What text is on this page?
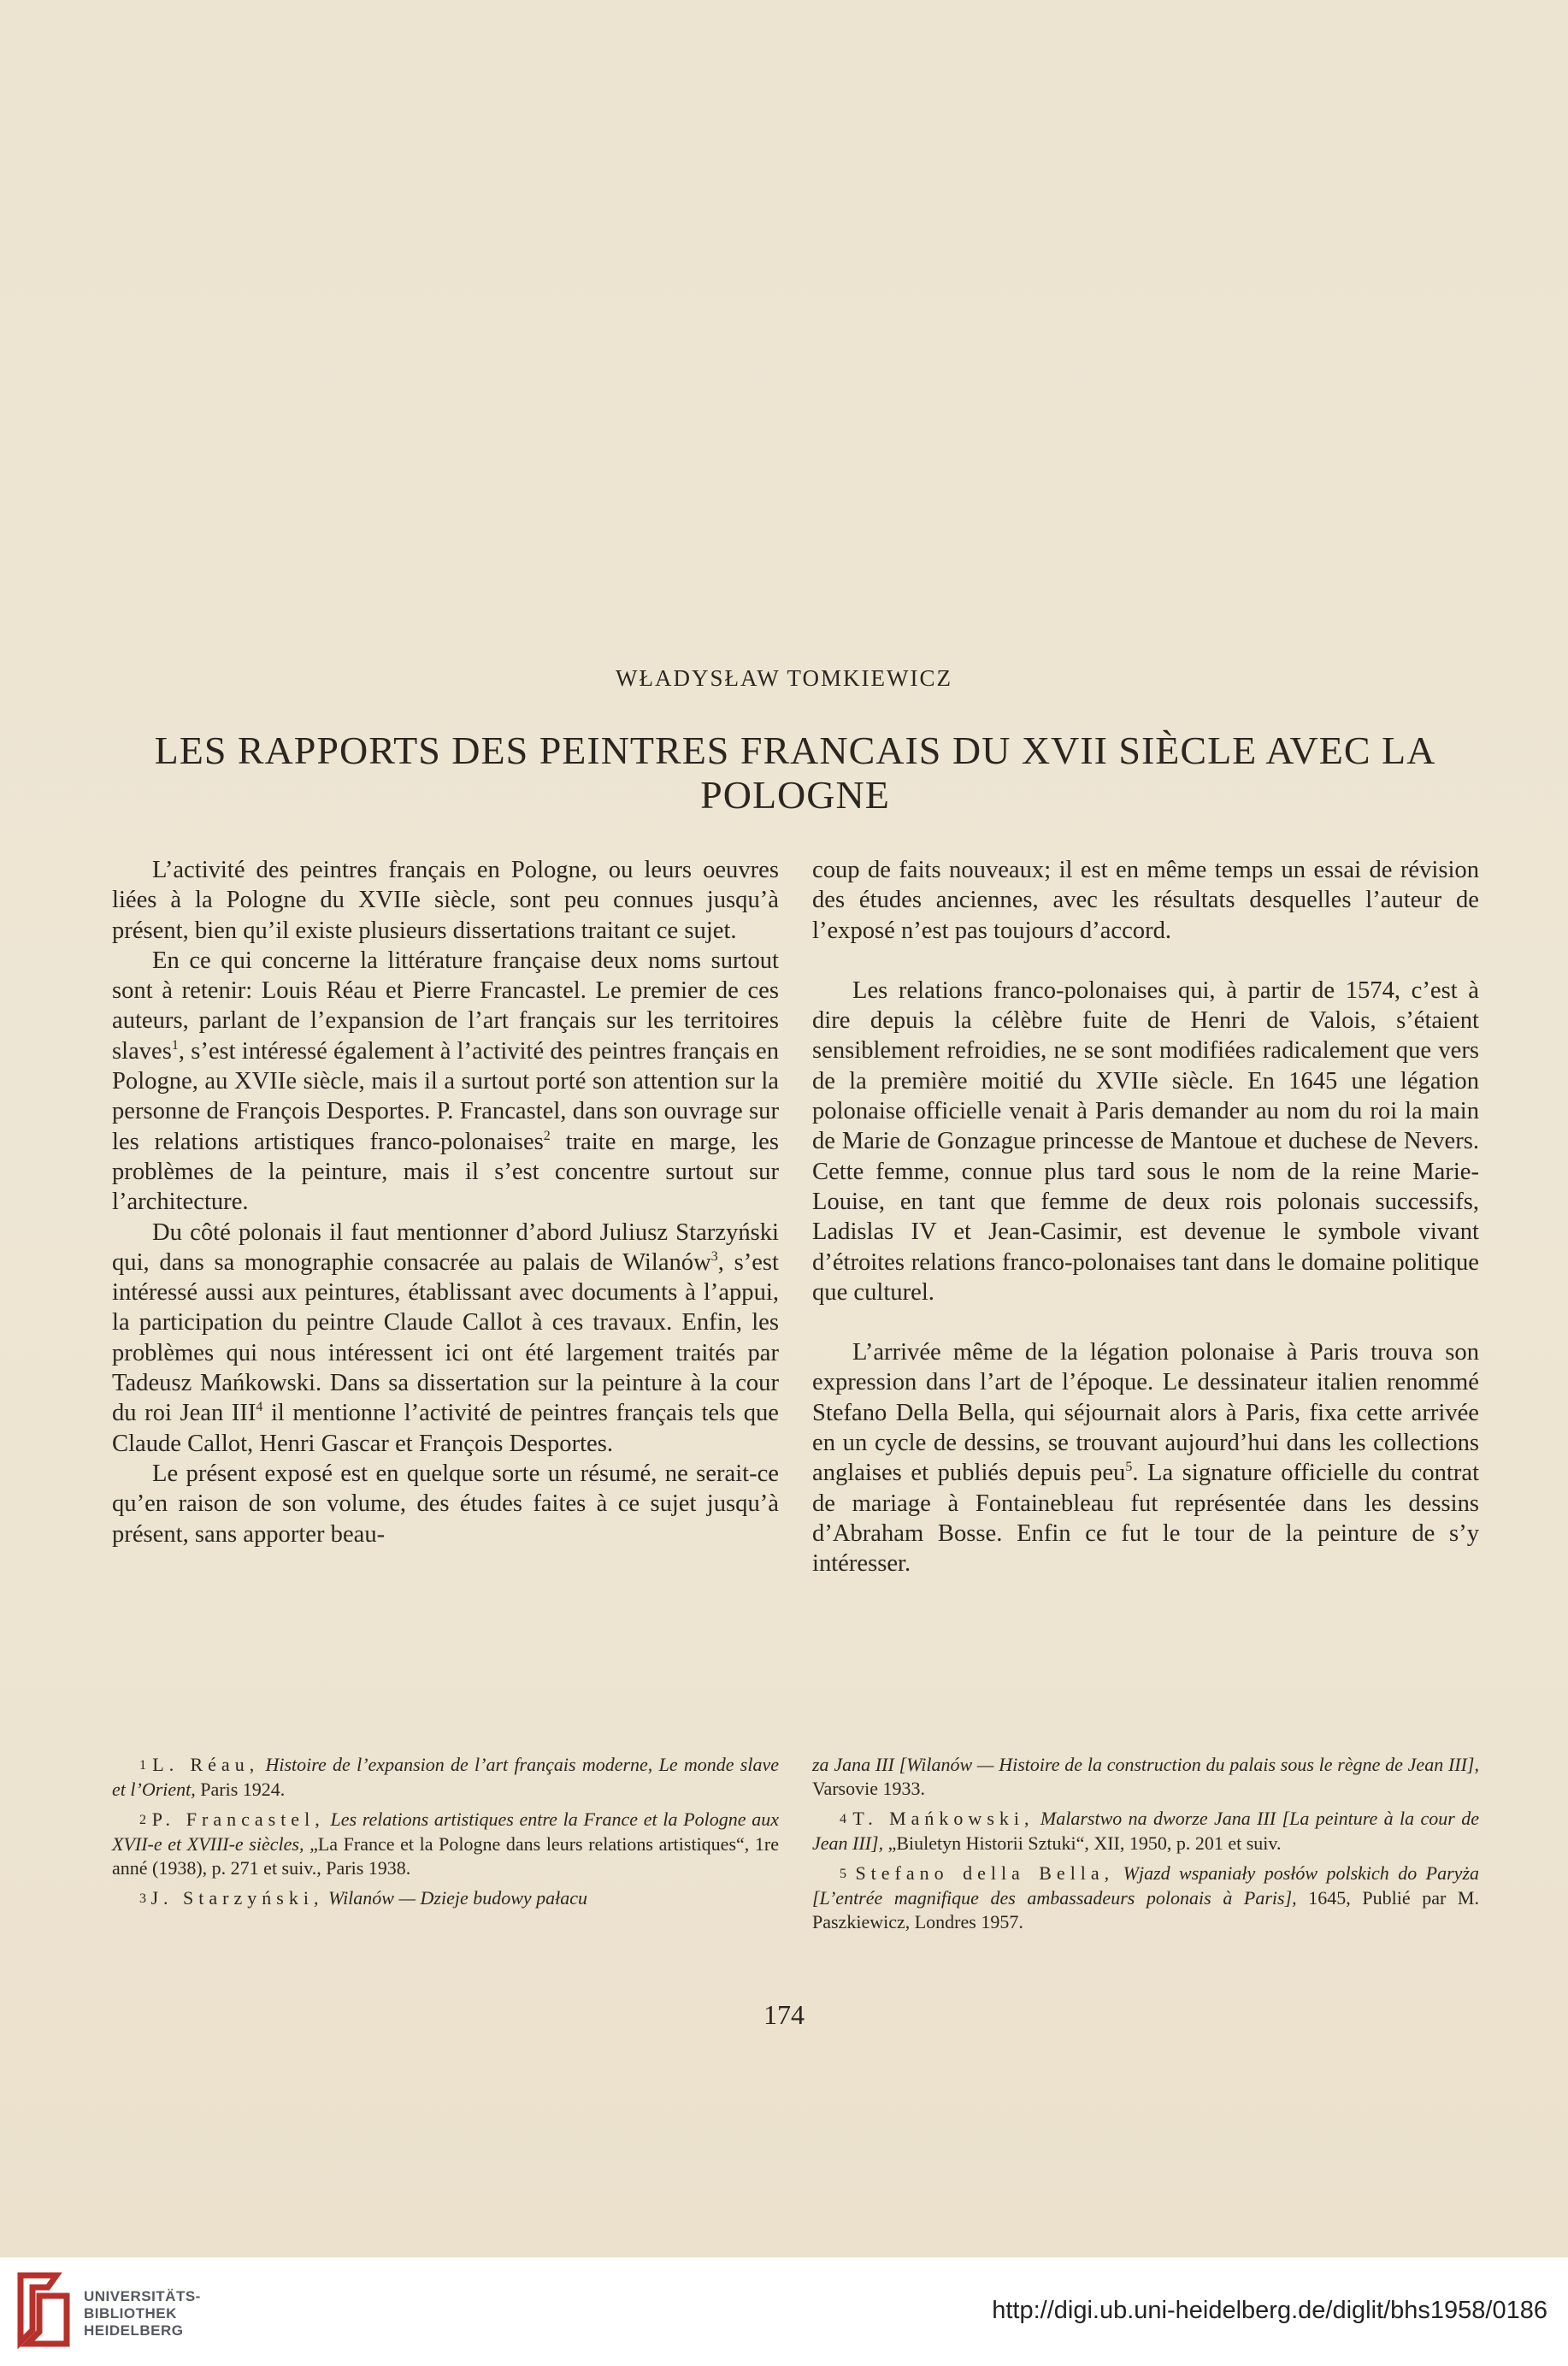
WŁADYSŁAW TOMKIEWICZ
LES RAPPORTS DES PEINTRES FRANCAIS DU XVII SIÈCLE AVEC LA POLOGNE

L’activité des peintres français en Pologne, ou leurs oeuvres liées à la Pologne du XVIIe siècle, sont peu connues jusqu’à présent, bien qu’il existe plusieurs dissertations traitant ce sujet.

En ce qui concerne la littérature française deux noms surtout sont à retenir: Louis Réau et Pierre Francastel. Le premier de ces auteurs, parlant de l’expansion de l’art français sur les territoires slaves$^1$, s’est intéressé également à l’activité des peintres français en Pologne, au XVIIe siècle, mais il a surtout porté son attention sur la personne de François Desportes. P. Francastel, dans son ouvrage sur les relations artistiques franco-polonaises$^2$ traite en marge, les problèmes de la peinture, mais il s’est concentre surtout sur l’architecture.

Du côté polonais il faut mentionner d’abord Juliusz Starzyński qui, dans sa monographie consacrée au palais de Wilanów$^3$, s’est intéressé aussi aux peintures, établissant avec documents à l’appui, la participation du peintre Claude Callot à ces travaux. Enfin, les problèmes qui nous intéressent ici ont été largement traités par Tadeusz Mańkowski. Dans sa dissertation sur la peinture à la cour du roi Jean III$^4$ il mentionne l’activité de peintres français tels que Claude Callot, Henri Gascar et François Desportes.

Le présent exposé est en quelque sorte un résumé, ne serait-ce qu’en raison de son volume, des études faites à ce sujet jusqu’à présent, sans apporter beau-

coup de faits nouveaux; il est en même temps un essai de révision des études anciennes, avec les résultats desquelles l’auteur de l’exposé n’est pas toujours d’accord.

Les relations franco-polonaises qui, à partir de 1574, c’est à dire depuis la célèbre fuite de Henri de Valois, s’étaient sensiblement refroidies, ne se sont modifiées radicalement que vers de la première moitié du XVIIe siècle. En 1645 une légation polonaise officielle venait à Paris demander au nom du roi la main de Marie de Gonzague princesse de Mantoue et duchese de Nevers. Cette femme, connue plus tard sous le nom de la reine Marie-Louise, en tant que femme de deux rois polonais successifs, Ladislas IV et Jean-Casimir, est devenue le symbole vivant d’étroites relations franco-polonaises tant dans le domaine politique que culturel.

L’arrivée même de la légation polonaise à Paris trouva son expression dans l’art de l’époque. Le dessinateur italien renommé Stefano Della Bella, qui séjournait alors à Paris, fixa cette arrivée en un cycle de dessins, se trouvant aujourd’hui dans les collections anglaises et publiés depuis peu$^5$. La signature officielle du contrat de mariage à Fontainebleau fut représentée dans les dessins d’Abraham Bosse. Enfin ce fut le tour de la peinture de s’y intéresser.

1 L. Réau, Histoire de l’expansion de l’art français moderne, Le monde slave et l’Orient, Paris 1924.

2 P. Francastel, Les relations artistiques entre la France et la Pologne aux XVII-e et XVIII-e siècles, „La France et la Pologne dans leurs relations artistiques“, 1re anné (1938), p. 271 et suiv., Paris 1938.

3 J. Starzyński, Wilanów — Dzieje budowy pałacu

za Jana III [Wilanów — Histoire de la construction du palais sous le règne de Jean III], Varsovie 1933.

4 T. Mańkowski, Malarstwo na dworze Jana III [La peinture à la cour de Jean III], „Biuletyn Historii Sztuki“, XII, 1950, p. 201 et suiv.

5 Stefano della Bella, Wjazd wspaniały posłów polskich do Paryża [L’entrée magnifique des ambassadeurs polonais à Paris], 1645, Publié par M. Paszkiewicz, Londres 1957.

174
UNIVERSITÄTS-
BIBLIOTHEK
HEIDELBERG
http://digi.ub.uni-heidelberg.de/diglit/bhs1958/0186
